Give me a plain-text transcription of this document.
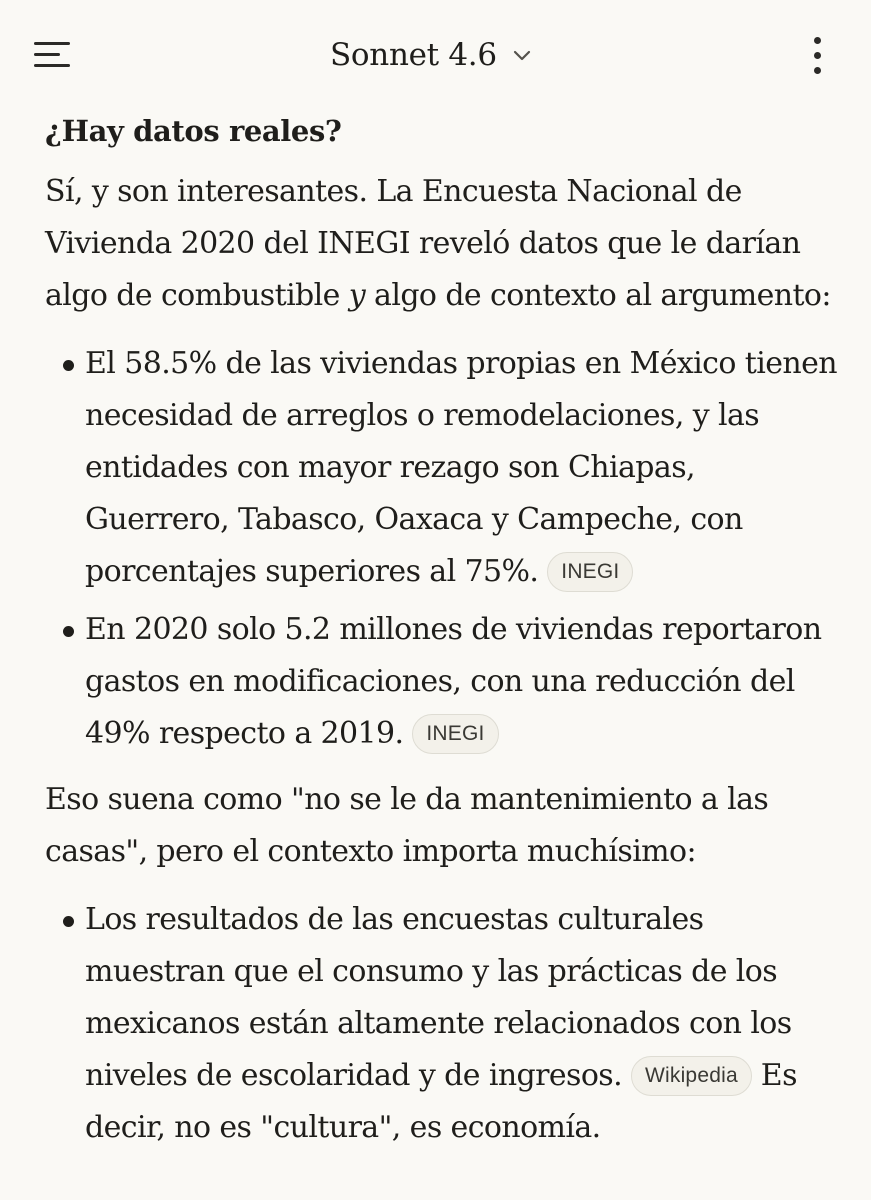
Sonnet 4.6
¿Hay datos reales?

Sí, y son interesantes. La Encuesta Nacional de Vivienda 2020 del INEGI reveló datos que le darían algo de combustible y algo de contexto al argumento:

El 58.5% de las viviendas propias en México tienen necesidad de arreglos o remodelaciones, y las entidades con mayor rezago son Chiapas, Guerrero, Tabasco, Oaxaca y Campeche, con porcentajes superiores al 75%. INEGI
En 2020 solo 5.2 millones de viviendas reportaron gastos en modificaciones, con una reducción del 49% respecto a 2019. INEGI

Eso suena como "no se le da mantenimiento a las casas", pero el contexto importa muchísimo:

Los resultados de las encuestas culturales muestran que el consumo y las prácticas de los mexicanos están altamente relacionados con los niveles de escolaridad y de ingresos. Wikipedia Es decir, no es "cultura", es economía.
